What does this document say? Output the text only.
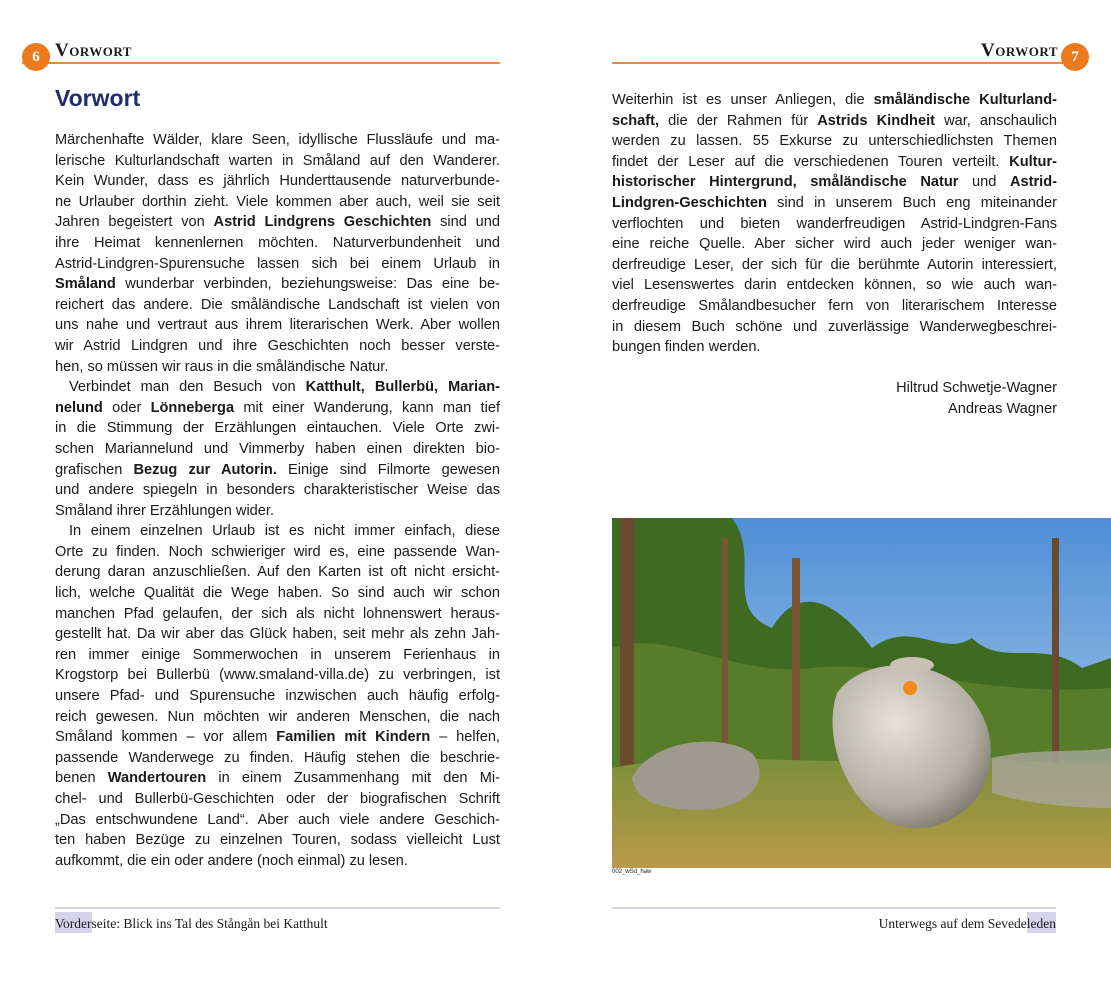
6 Vorwort
Vorwort
Märchenhafte Wälder, klare Seen, idyllische Flussläufe und ma-
lerische Kulturlandschaft warten in Småland auf den Wanderer.
Kein Wunder, dass es jährlich Hunderttausende naturverbunde-
ne Urlauber dorthin zieht. Viele kommen aber auch, weil sie seit
Jahren begeistert von Astrid Lindgrens Geschichten sind und
ihre Heimat kennenlernen möchten. Naturverbundenheit und
Astrid-Lindgren-Spurensuche lassen sich bei einem Urlaub in
Småland wunderbar verbinden, beziehungsweise: Das eine be-
reichert das andere. Die småländische Landschaft ist vielen von
uns nahe und vertraut aus ihrem literarischen Werk. Aber wollen
wir Astrid Lindgren und ihre Geschichten noch besser verste-
hen, so müssen wir raus in die småländische Natur.
Verbindet man den Besuch von Katthult, Bullerbü, Marian-
nelund oder Lönneberga mit einer Wanderung, kann man tief
in die Stimmung der Erzählungen eintauchen. Viele Orte zwi-
schen Mariannelund und Vimmerby haben einen direkten bio-
grafischen Bezug zur Autorin. Einige sind Filmorte gewesen
und andere spiegeln in besonders charakteristischer Weise das
Småland ihrer Erzählungen wider.
In einem einzelnen Urlaub ist es nicht immer einfach, diese
Orte zu finden. Noch schwieriger wird es, eine passende Wan-
derung daran anzuschließen. Auf den Karten ist oft nicht ersicht-
lich, welche Qualität die Wege haben. So sind auch wir schon
manchen Pfad gelaufen, der sich als nicht lohnenswert heraus-
gestellt hat. Da wir aber das Glück haben, seit mehr als zehn Jah-
ren immer einige Sommerwochen in unserem Ferienhaus in
Krogstorp bei Bullerbü (www.smaland-villa.de) zu verbringen, ist
unsere Pfad- und Spurensuche inzwischen auch häufig erfolg-
reich gewesen. Nun möchten wir anderen Menschen, die nach
Småland kommen – vor allem Familien mit Kindern – helfen,
passende Wanderwege zu finden. Häufig stehen die beschrie-
benen Wandertouren in einem Zusammenhang mit den Mi-
chel- und Bullerbü-Geschichten oder der biografischen Schrift
„Das entschwundene Land“. Aber auch viele andere Geschich-
ten haben Bezüge zu einzelnen Touren, sodass vielleicht Lust
aufkommt, die ein oder andere (noch einmal) zu lesen.
Vorderseite: Blick ins Tal des Stångån bei Katthult
7
Vorwort
Weiterhin ist es unser Anliegen, die småländische Kulturland-
schaft, die der Rahmen für Astrids Kindheit war, anschaulich
werden zu lassen. 55 Exkurse zu unterschiedlichsten Themen
findet der Leser auf die verschiedenen Touren verteilt. Kultur-
historischer Hintergrund, småländische Natur und Astrid-
Lindgren-Geschichten sind in unserem Buch eng miteinander
verflochten und bieten wanderfreudigen Astrid-Lindgren-Fans
eine reiche Quelle. Aber sicher wird auch jeder weniger wan-
derfreudige Leser, der sich für die berühmte Autorin interessiert,
viel Lesenswertes darin entdecken können, so wie auch wan-
derfreudige Smålandbesucher fern von literarischem Interesse
in diesem Buch schöne und zuverlässige Wanderwegbeschrei-
bungen finden werden.
Hiltrud Schwetje-Wagner
Andreas Wagner
002_wSd_haw
Unterwegs auf dem Sevedeleden
